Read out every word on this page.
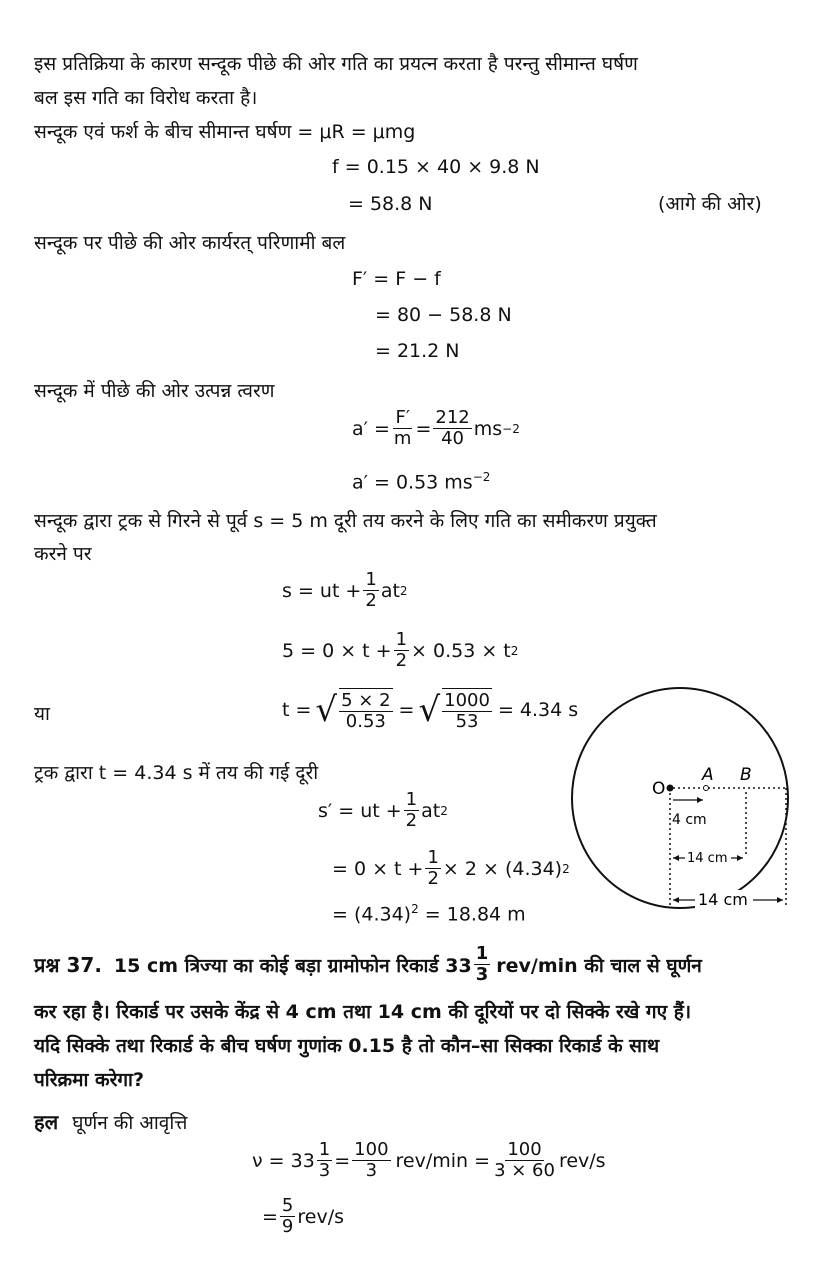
इस प्रतिक्रिया के कारण सन्दूक पीछे की ओर गति का प्रयत्न करता है परन्तु सीमान्त घर्षण
बल इस गति का विरोध करता है।
सन्दूक एवं फर्श के बीच सीमान्त घर्षण = μR = μmg
f = 0.15 × 40 × 9.8 N
= 58.8 N	(आगे की ओर)
सन्दूक पर पीछे की ओर कार्यरत् परिणामी बल
F′ = F − f
= 80 − 58.8 N
= 21.2 N
सन्दूक में पीछे की ओर उत्पन्न त्वरण
$a' = \frac{F'}{m} = \frac{212}{40}$ ms −2
a′ = 0.53 $ms^{-2}$
सन्दूक द्वारा ट्रक से गिरने से पूर्व s = 5 m दूरी तय करने के लिए गति का समीकरण प्रयुक्त
करने पर
s = ut + $\frac{1}{2}$ at 2
$5 = 0 \times t + \frac{1}{2} \times 0.53 \times t$ 2
या	t = √ $\frac{5 \times 2}{0.53}$ = √ $\frac{1000}{53} = 4.34$ s
ट्रक द्वारा t = 4.34 s में तय की गई दूरी
s′ = ut + $\frac{1}{2}$ at 2
= $0 \times t + \frac{1}{2} \times 2 \times (4.34)$ 2
= $(4.34)^2 = 18.84$ m
O
A B
4 cm
14 cm
14 cm
प्रश्न 37. 15 cm त्रिज्या का कोई बड़ा ग्रामोफोन रिकार्ड $33 \frac{1}{3} rev/\min$ की चाल से घूर्णन
कर रहा है। रिकार्ड पर उसके केंद्र से 4 cm तथा 14 cm की दूरियों पर दो सिक्के रखे गए हैं।
यदि सिक्के तथा रिकार्ड के बीच घर्षण गुणांक 0.15 है तो कौन–सा सिक्का रिकार्ड के साथ
परिक्रमा करेगा?
हल घूर्णन की आवृत्ति
$\nu = 33 \frac{1}{3} = \frac{100}{3} rev/\min = \frac{100}{3 \times 60} rev/s$
= $\frac{5}{9} rev/s$
